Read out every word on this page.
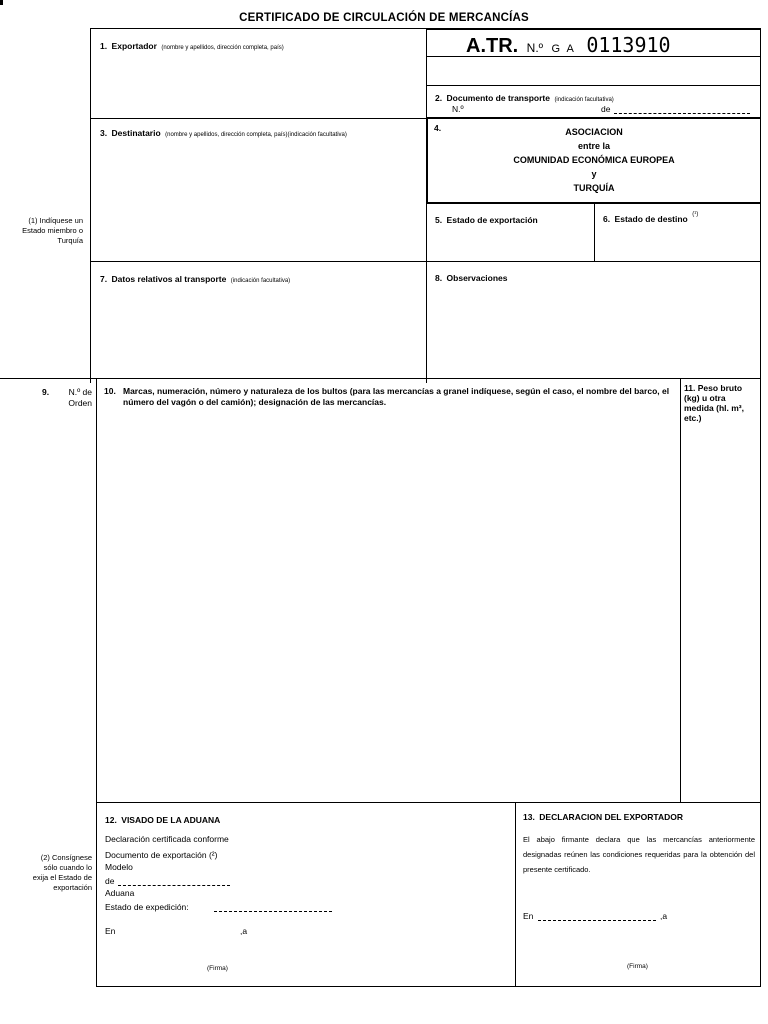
CERTIFICADO DE CIRCULACIÓN DE MERCANCÍAS
1. Exportador (nombre y apellidos, dirección completa, país)	A.TR. N.º G A 0113910
2. Documento de transporte (indicación facultativa)
N.º	de
3. Destinatario (nombre y apellidos, dirección completa, país)(indicación facultativa)
4.	ASOCIACION
entre la
COMUNIDAD ECONÓMICA EUROPEA
y
TURQUÍA
5. Estado de exportación	6. Estado de destino $^{(^1)}$
(1) Indíquese un Estado miembro o Turquía
7. Datos relativos al transporte (indicación facultativa)	8. Observaciones
9.	N.º de Orden
10. Marcas, numeración, número y naturaleza de los bultos (para las mercancías a granel indíquese, según el caso, el nombre del barco, el número del vagón o del camión); designación de las mercancías.
11. Peso bruto (kg) u otra medida (hl. m³, etc.)
12. VISADO DE LA ADUANA
Declaración certificada conforme
Documento de exportación (²)
Modelo
de
Aduana
Estado de expedición:
En	,a
(Firma)
(2) Consígnese sólo cuando lo exija el Estado de exportación
13. DECLARACION DEL EXPORTADOR
El abajo firmante declara que las mercancías anteriormente designadas reúnen las condiciones requeridas para la obtención del presente certificado.
En	,a
(Firma)
